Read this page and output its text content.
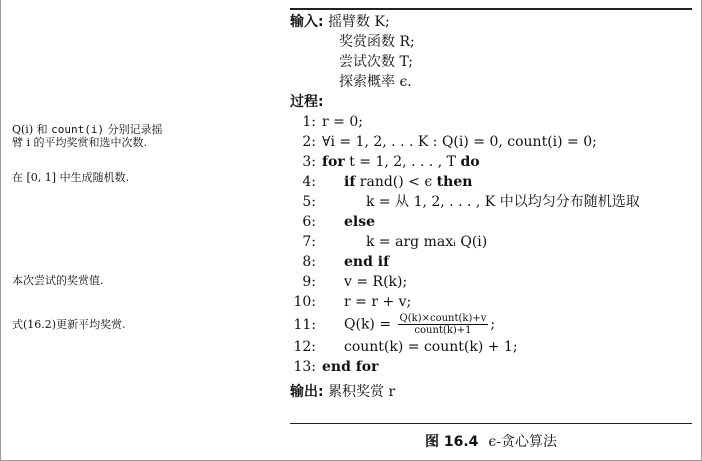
Q(i) 和 count(i) 分别记录摇臂 i 的平均奖赏和选中次数.
在 [0, 1] 中生成随机数.
本次尝试的奖赏值.
式(16.2)更新平均奖赏.
输入: 摇臂数 K;
奖赏函数 R;
尝试次数 T;
探索概率 ϵ.
过程:
1: r = 0;
2: ∀i = 1, 2, . . . K : Q(i) = 0, count(i) = 0;
3: for t = 1, 2, . . . , T do
4: if rand() < ϵ then
5:	k = 从 1, 2, . . . , K 中以均匀分布随机选取
6: else
7:	k = arg maxᵢ Q(i)
8: end if
9: v = R(k);
10: r = r + v;
11: $Q(k) = \frac{\text{Q(k)×count(k)+v}}{\text{count(k)+1}}$ ;
12: count(k) = count(k) + 1;
13: end for
输出: 累积奖赏 r
图 16.4 ϵ-贪心算法
